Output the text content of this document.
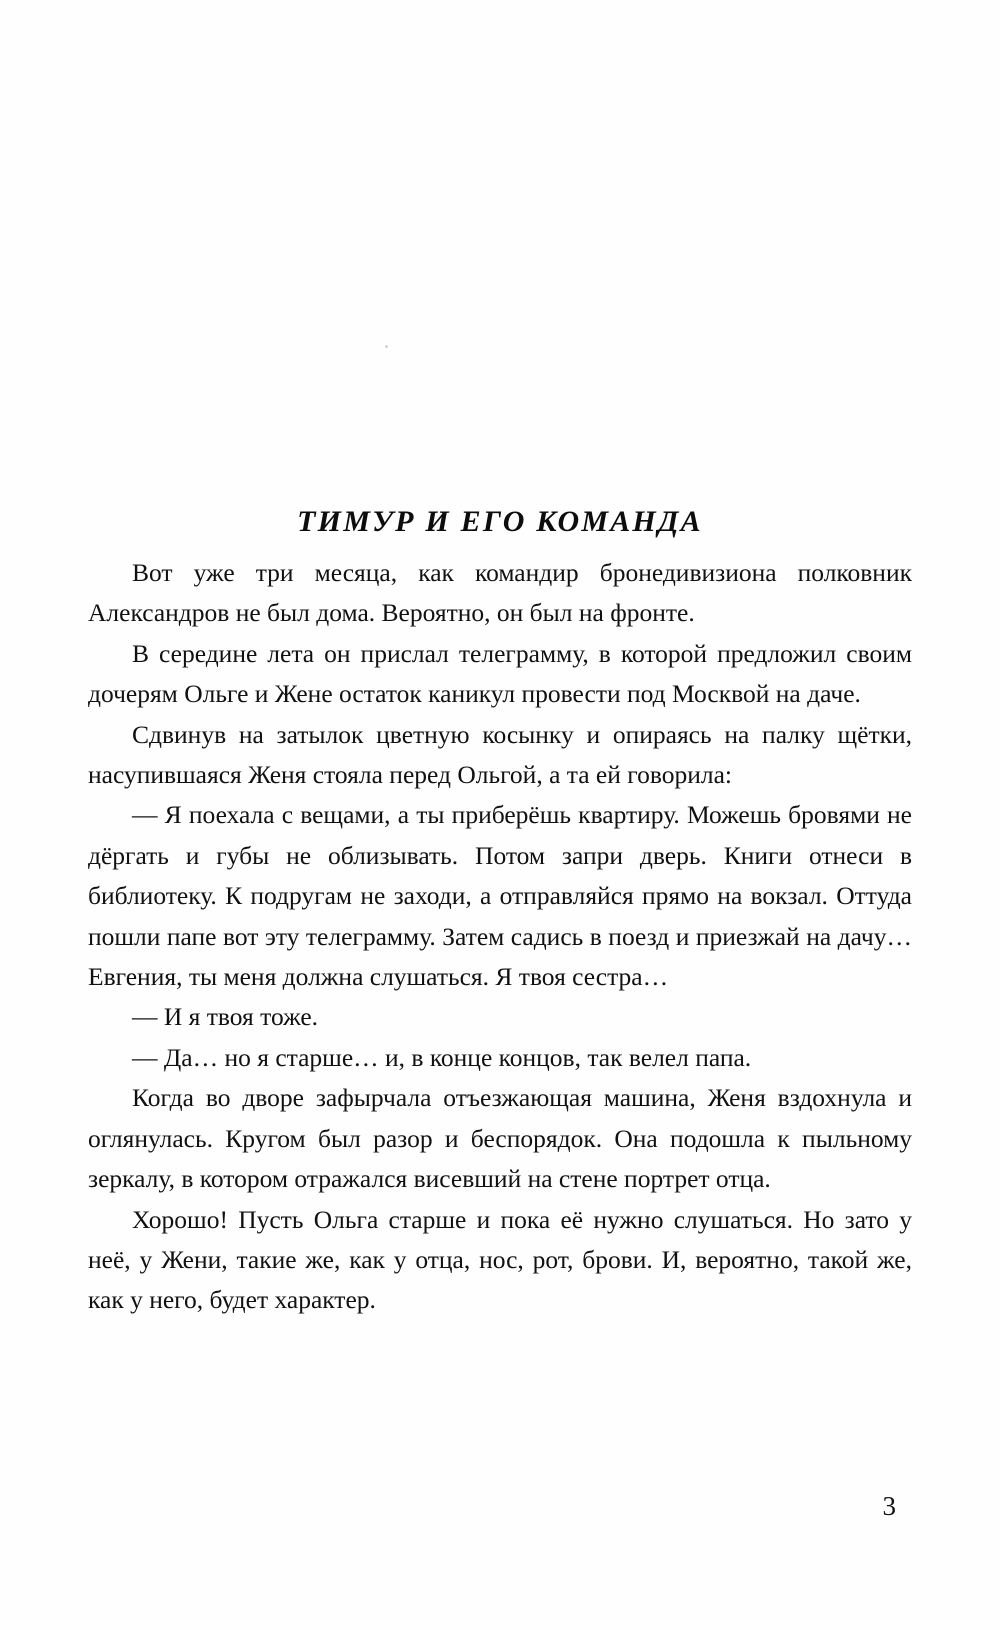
ТИМУР И ЕГО КОМАНДА

Вот уже три месяца, как командир бронедивизиона полковник Александров не был дома. Вероятно, он был на фронте.

В середине лета он прислал телеграмму, в которой предложил своим дочерям Ольге и Жене остаток каникул провести под Москвой на даче.

Сдвинув на затылок цветную косынку и опираясь на палку щётки, насупившаяся Женя стояла перед Ольгой, а та ей говорила:

— Я поехала с вещами, а ты приберёшь квартиру. Можешь бровями не дёргать и губы не облизывать. Потом запри дверь. Книги отнеси в библиотеку. К подругам не заходи, а отправляйся прямо на вокзал. Оттуда пошли папе вот эту телеграмму. Затем садись в поезд и приезжай на дачу… Евгения, ты меня должна слушаться. Я твоя сестра…

— И я твоя тоже.

— Да… но я старше… и, в конце концов, так велел папа.

Когда во дворе зафырчала отъезжающая машина, Женя вздохнула и оглянулась. Кругом был разор и беспорядок. Она подошла к пыльному зеркалу, в котором отражался висевший на стене портрет отца.

Хорошо! Пусть Ольга старше и пока её нужно слушаться. Но зато у неё, у Жени, такие же, как у отца, нос, рот, брови. И, вероятно, такой же, как у него, будет характер.

3
